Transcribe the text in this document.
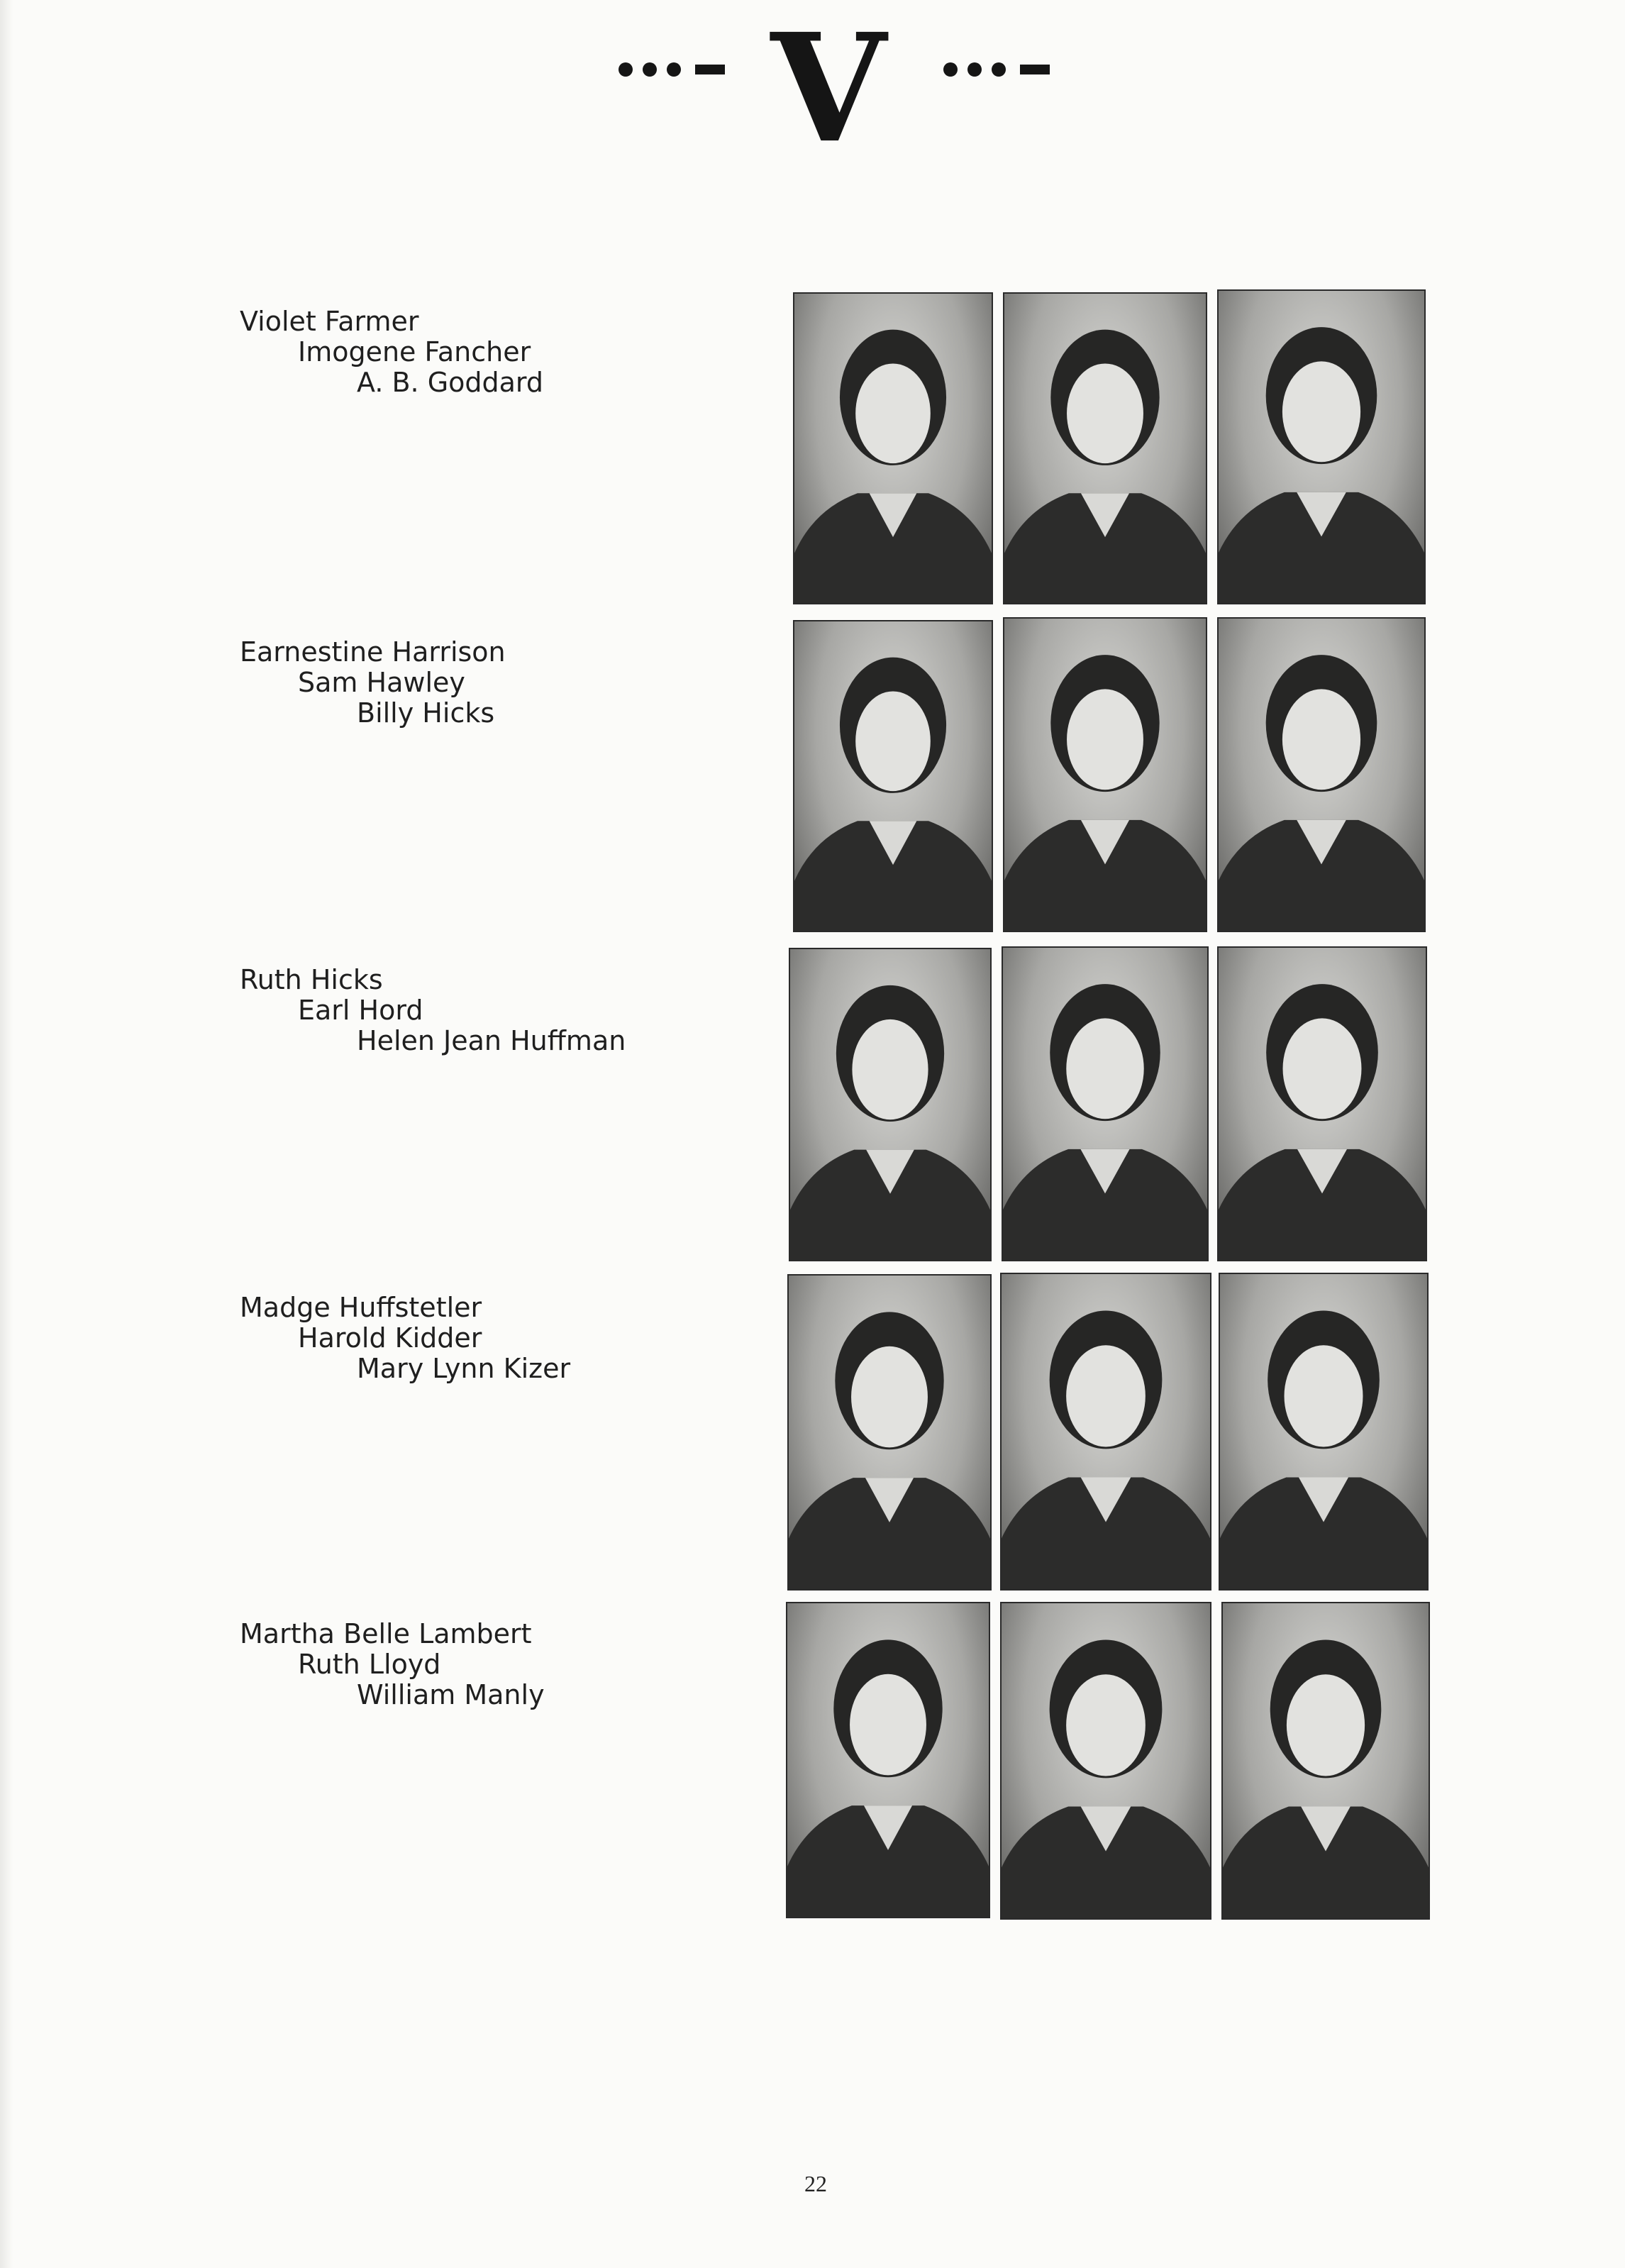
V
Violet Farmer
Imogene Fancher
A. B. Goddard
Earnestine Harrison
Sam Hawley
Billy Hicks
Ruth Hicks
Earl Hord
Helen Jean Huffman
Madge Huffstetler
Harold Kidder
Mary Lynn Kizer
Martha Belle Lambert
Ruth Lloyd
William Manly
22
